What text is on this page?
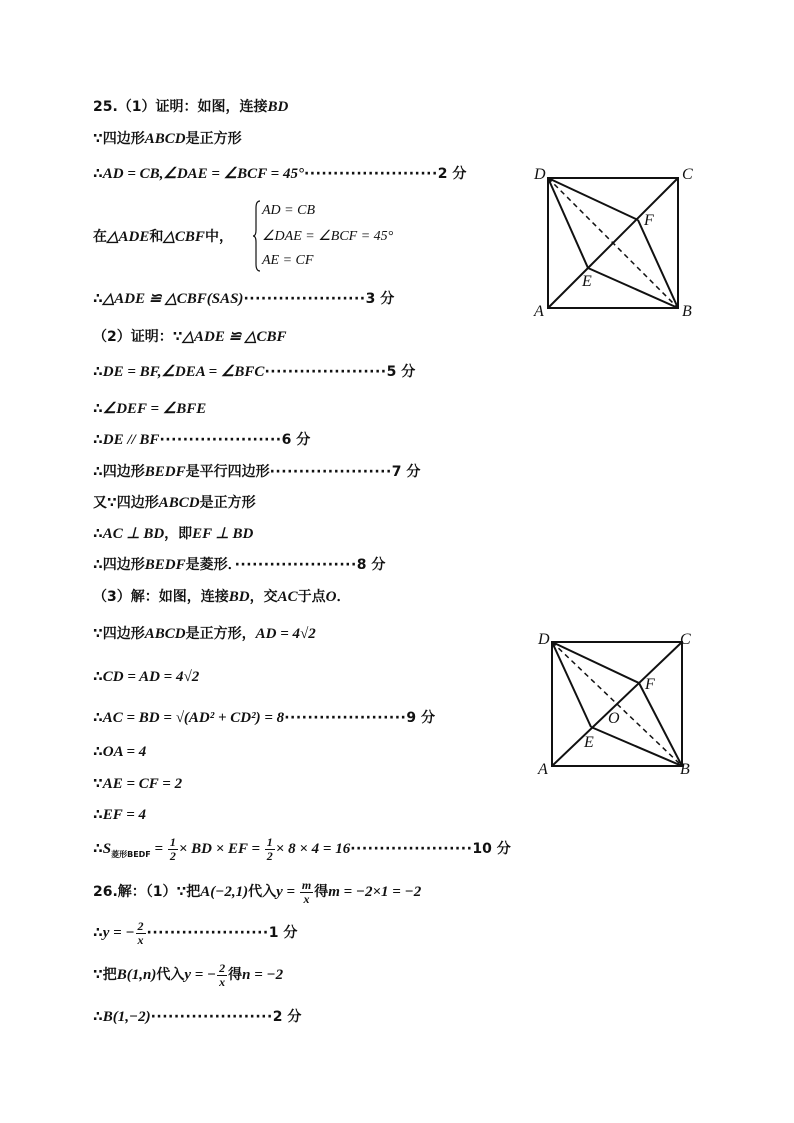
25.（1）证明：如图，连接BD
∵四边形ABCD是正方形
∴AD = CB,∠DAE = ∠BCF = 45°·······················2 分
在△ADE和△CBF中，
AD = CB
∠DAE = ∠BCF = 45°
AE = CF
∴△ADE ≌ △CBF(SAS)·····················3 分
（2）证明：∵△ADE ≌ △CBF
∴DE = BF,∠DEA = ∠BFC·····················5 分
∴∠DEF = ∠BFE
∴DE // BF·····················6 分
∴四边形BEDF是平行四边形·····················7 分
又∵四边形ABCD是正方形
∴AC ⊥ BD，即EF ⊥ BD
∴四边形BEDF是菱形．·····················8 分
（3）解：如图，连接BD，交AC于点O．
∵四边形ABCD是正方形，AD = 4√2
∴CD = AD = 4√2
∴AC = BD = √(AD² + CD²) = 8·····················9 分
∴OA = 4
∵AE = CF = 2
∴EF = 4
$\therefore S_{菱形BEDF} = \frac{1}{2}$ × BD × EF = $\frac{1}{2} \times 8 \times 4 = 16\cdot\cdot\cdot\cdot\cdot\cdot\cdot\cdot\cdot\cdot\cdot\cdot\cdot\cdot\cdot\cdot\cdot\cdot\cdot\cdot\cdot 10$ 分
26.解：（1）∵把A(−2,1)代入$y = \frac{m}{x}$ 得m = −2×1 = −2
∴y = − $\frac{2}{x} \cdot\cdot\cdot\cdot\cdot\cdot\cdot\cdot\cdot\cdot\cdot\cdot\cdot\cdot\cdot\cdot\cdot\cdot\cdot\cdot\cdot 1$ 分
∵把B(1,n)代入y = − $\frac{2}{x}$ 得n = −2
∴B(1,−2)·····················2 分
D	C
A	B
E
F
D	C
A	B
E
F
O
